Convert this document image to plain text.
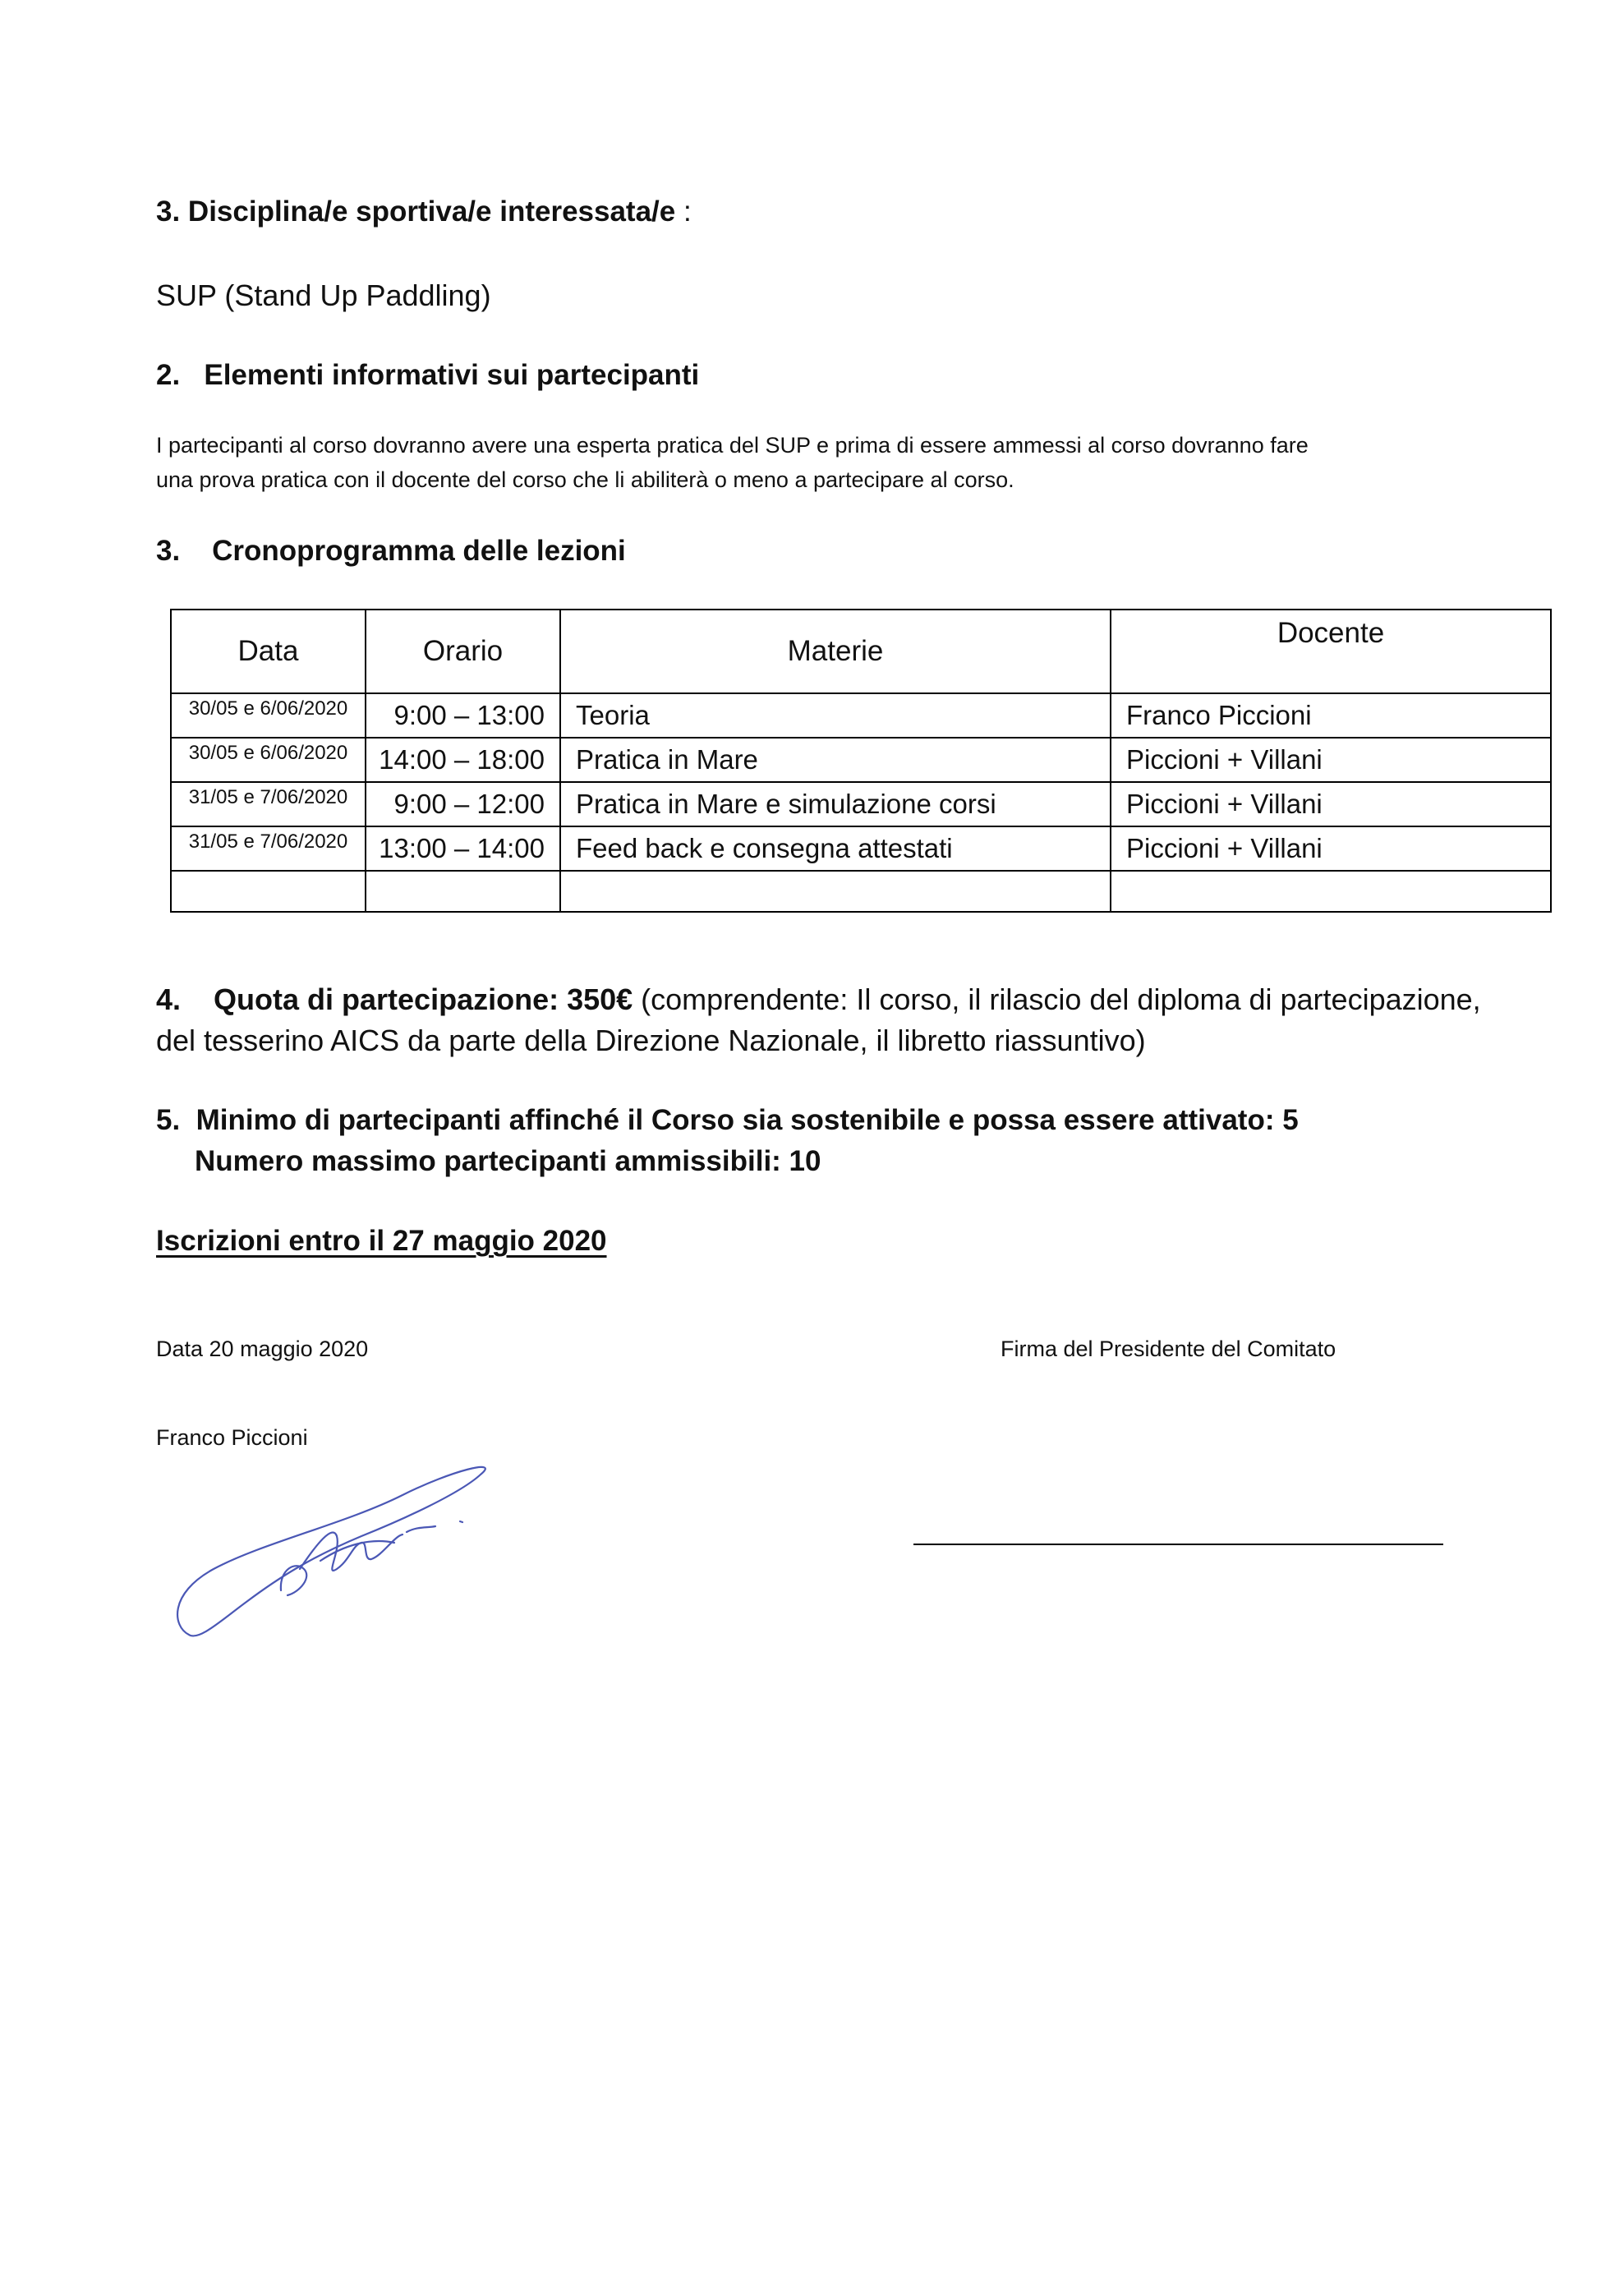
3. Disciplina/e sportiva/e interessata/e :
SUP (Stand Up Paddling)
2.   Elementi informativi sui partecipanti
I partecipanti al corso dovranno avere una esperta pratica del SUP e prima di essere ammessi al corso dovranno fare
una prova pratica con il docente del corso che li abiliterà o meno a partecipare al corso.
3.    Cronoprogramma delle lezioni
Data	Orario	Materie	Docente
30/05 e 6/06/2020	9:00 – 13:00	Teoria	Franco Piccioni
30/05 e 6/06/2020	14:00 – 18:00	Pratica in Mare	Piccioni + Villani
31/05 e 7/06/2020	9:00 – 12:00	Pratica in Mare e simulazione corsi	Piccioni + Villani
31/05 e 7/06/2020	13:00 – 14:00	Feed back e consegna attestati	Piccioni + Villani

4.    Quota di partecipazione: 350€ (comprendente: Il corso, il rilascio del diploma di partecipazione,
del tesserino AICS da parte della Direzione Nazionale, il libretto riassuntivo)
5.  Minimo di partecipanti affinché il Corso sia sostenibile e possa essere attivato: 5
Numero massimo partecipanti ammissibili: 10
Iscrizioni entro il 27 maggio 2020
Data 20 maggio 2020	Firma del Presidente del Comitato
Franco Piccioni
